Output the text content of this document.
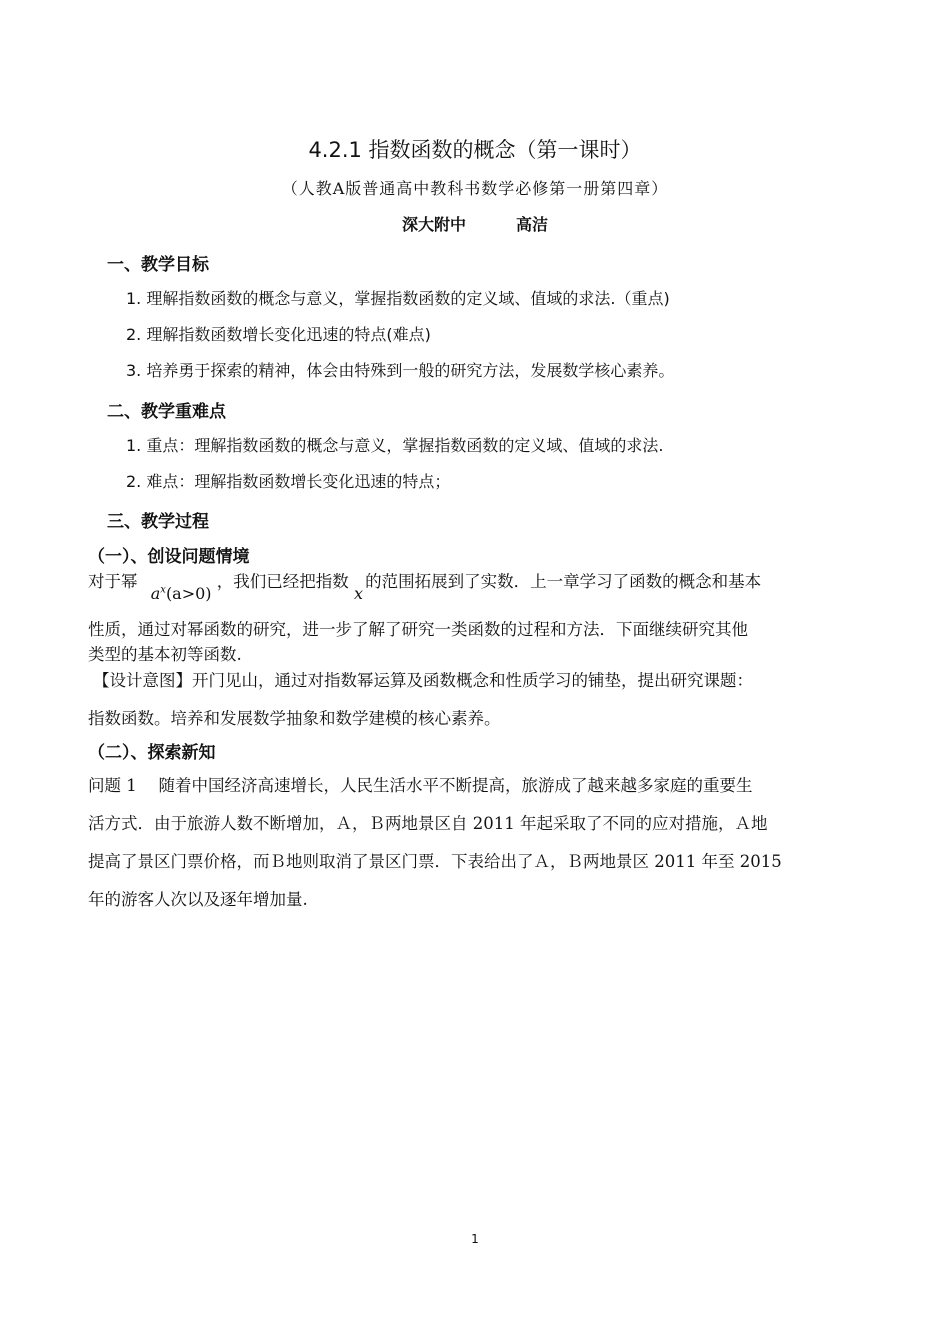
4.2.1 指数函数的概念（第一课时）
（人教A版普通高中教科书数学必修第一册第四章）
深大附中	高洁
一、教学目标
1. 理解指数函数的概念与意义，掌握指数函数的定义域、值域的求法.（重点)
2. 理解指数函数增长变化迅速的特点(难点)
3. 培养勇于探索的精神，体会由特殊到一般的研究方法，发展数学核心素养。
二、教学重难点
1. 重点：理解指数函数的概念与意义，掌握指数函数的定义域、值域的求法.
2. 难点：理解指数函数增长变化迅速的特点；
三、教学过程
（一）、创设问题情境
对于幂 $a^x(a>0)$ ，我们已经把指数 x的范围拓展到了实数．上一章学习了函数的概念和基本
性质，通过对幂函数的研究，进一步了解了研究一类函数的过程和方法．下面继续研究其他
类型的基本初等函数.
【设计意图】开门见山，通过对指数幂运算及函数概念和性质学习的铺垫，提出研究课题：
指数函数。培养和发展数学抽象和数学建模的核心素养。
（二）、探索新知
问题 1　 随着中国经济高速增长，人民生活水平不断提高，旅游成了越来越多家庭的重要生
活方式．由于旅游人数不断增加，Ａ，Ｂ两地景区自 2011 年起采取了不同的应对措施，Ａ地
提高了景区门票价格，而Ｂ地则取消了景区门票．下表给出了Ａ，Ｂ两地景区 2011 年至 2015
年的游客人次以及逐年增加量.
1
